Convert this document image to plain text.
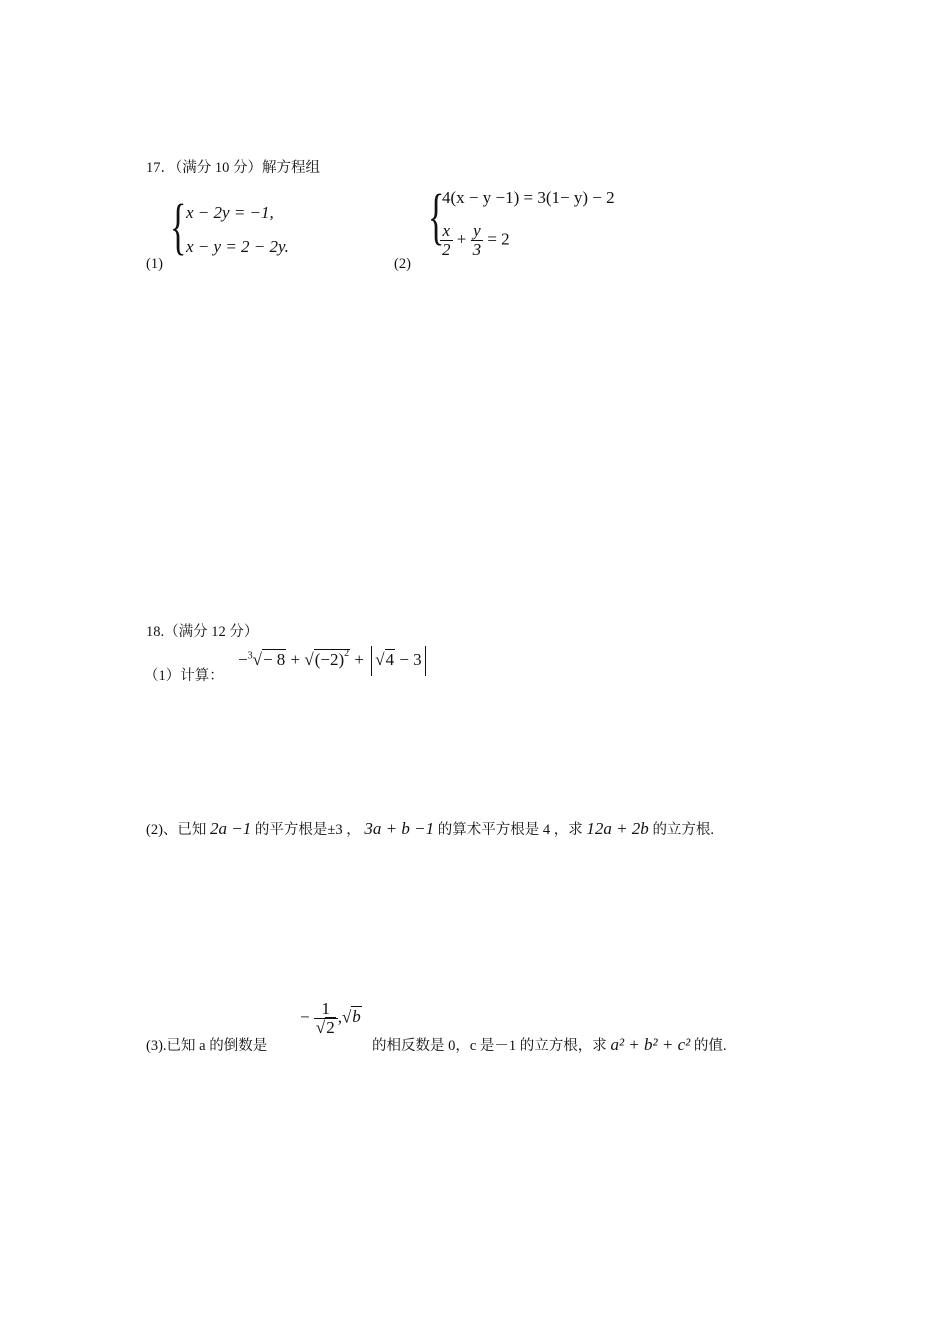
17．（满分 10 分）解方程组
{ x − 2y = −1,
x − y = 2 − 2y.
(1)
{
4(x − y −1) = 3(1− y) − 2
$\frac{x}{2} + \frac{y}{3} = 2$
(2)
18.（满分 12 分）
$-^3√- 8 + √(-2)^2 + √4 - 3$
（1）计算：
(2)、已知 2a −1 的平方根是±3 ， 3a + b −1 的算术平方根是 4 ，求 12a + 2b 的立方根.
(3).已知 a 的倒数是
− $\frac{1}{√2} ,√b$
的相反数是 0，c 是－1 的立方根，求 a² + b² + c² 的值.
